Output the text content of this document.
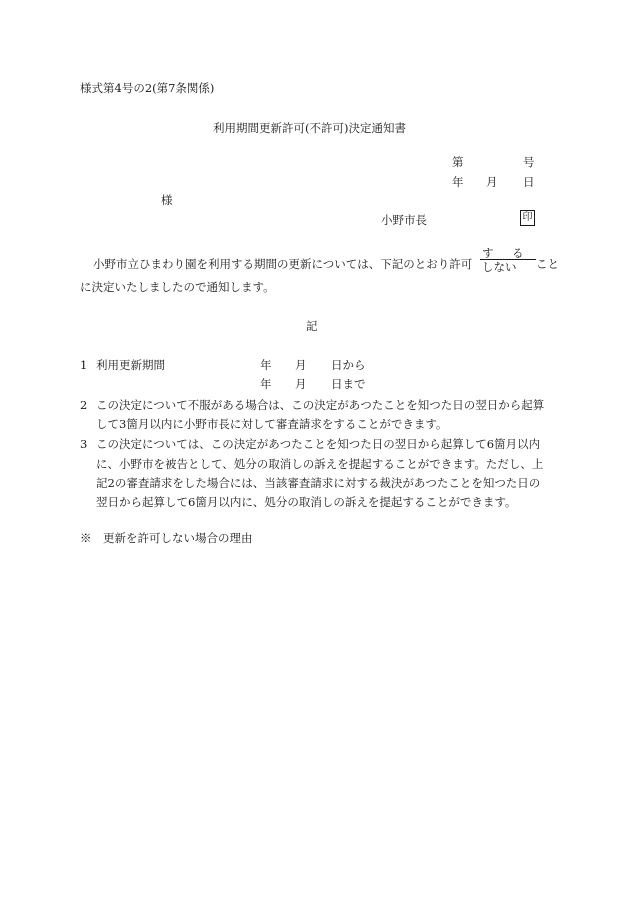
様式第4号の2(第7条関係)
利用期間更新許可(不許可)決定通知書
第	号
年 月 日
様
小野市長	印
小野市立ひまわり園を利用する期間の更新については、下記のとおり許可
す る
しない こと
に決定いたしましたので通知します。
記
1 利用更新期間	年 月 日から
年 月 日まで
2 この決定について不服がある場合は、この決定があつたことを知つた日の翌日から起算
して3箇月以内に小野市長に対して審査請求をすることができます。
3 この決定については、この決定があつたことを知つた日の翌日から起算して6箇月以内
に、小野市を被告として、処分の取消しの訴えを提起することができます。ただし、上
記2の審査請求をした場合には、当該審査請求に対する裁決があつたことを知つた日の
翌日から起算して6箇月以内に、処分の取消しの訴えを提起することができます。
※　更新を許可しない場合の理由
